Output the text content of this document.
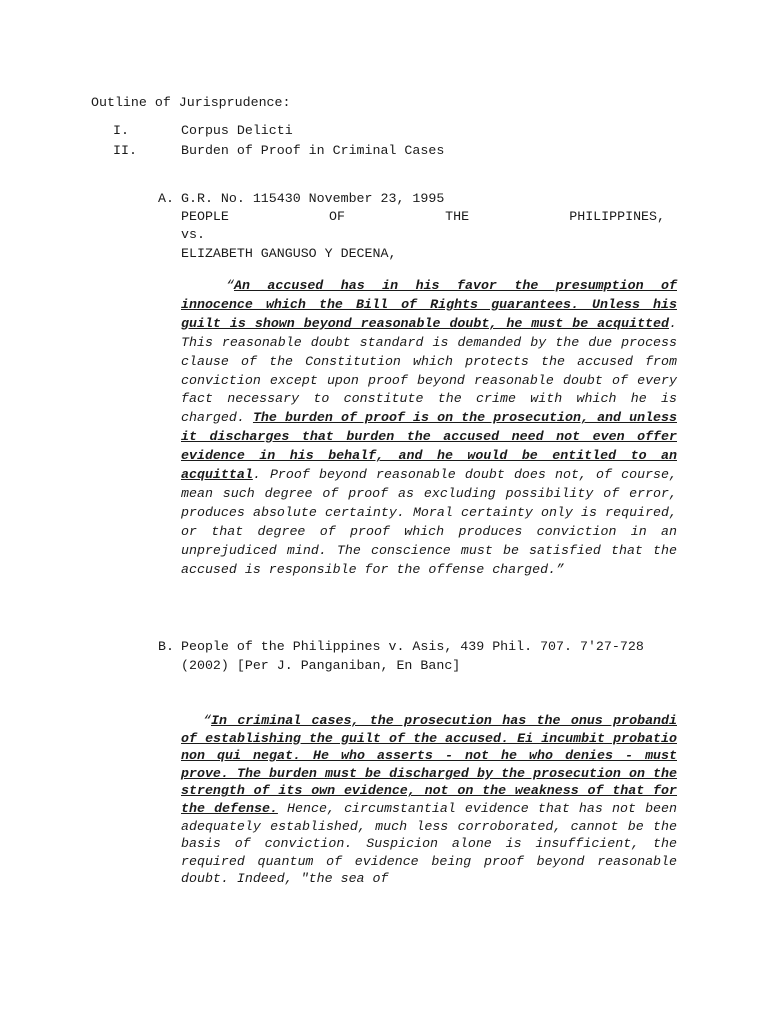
Outline of Jurisprudence:
I.	Corpus Delicti
II.	Burden of Proof in Criminal Cases
A. G.R. No. 115430 November 23, 1995
PEOPLE	OF	THE	PHILIPPINES,
vs.
ELIZABETH GANGUSO Y DECENA,
“An accused has in his favor the presumption of innocence which the Bill of Rights guarantees. Unless his guilt is shown beyond reasonable doubt, he must be acquitted. This reasonable doubt standard is demanded by the due process clause of the Constitution which protects the accused from conviction except upon proof beyond reasonable doubt of every fact necessary to constitute the crime with which he is charged. The burden of proof is on the prosecution, and unless it discharges that burden the accused need not even offer evidence in his behalf, and he would be entitled to an acquittal. Proof beyond reasonable doubt does not, of course, mean such degree of proof as excluding possibility of error, produces absolute certainty. Moral certainty only is required, or that degree of proof which produces conviction in an unprejudiced mind. The conscience must be satisfied that the accused is responsible for the offense charged.”
B. People of the Philippines v. Asis, 439 Phil. 707. 7'27-728 (2002) [Per J. Panganiban, En Banc]
“In criminal cases, the prosecution has the onus probandi of establishing the guilt of the accused. Ei incumbit probatio non qui negat. He who asserts - not he who denies - must prove. The burden must be discharged by the prosecution on the strength of its own evidence, not on the weakness of that for the defense. Hence, circumstantial evidence that has not been adequately established, much less corroborated, cannot be the basis of conviction. Suspicion alone is insufficient, the required quantum of evidence being proof beyond reasonable doubt. Indeed, "the sea of
